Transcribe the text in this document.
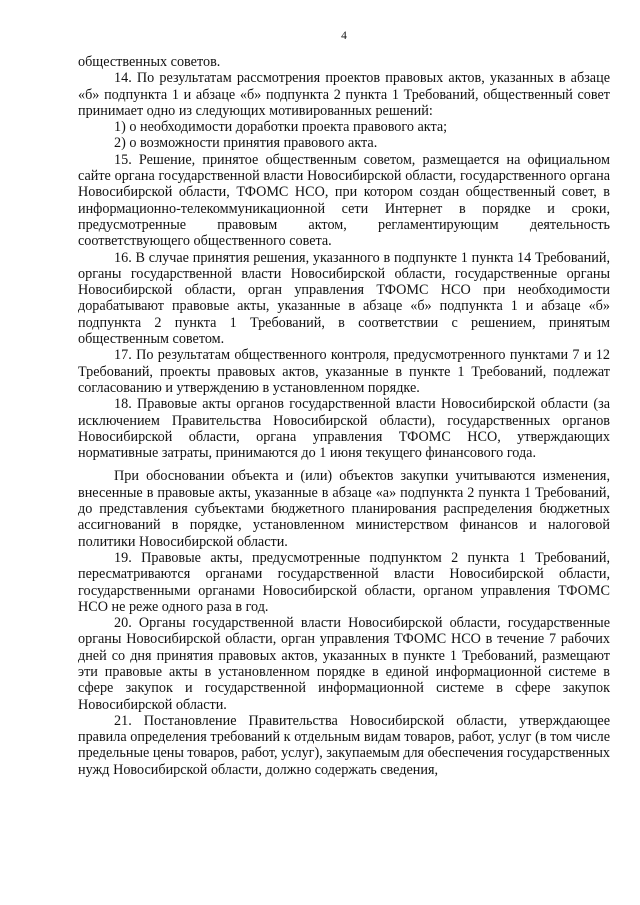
4

общественных советов.

14. По результатам рассмотрения проектов правовых актов, указанных в абзаце «б» подпункта 1 и абзаце «б» подпункта 2 пункта 1 Требований, общественный совет принимает одно из следующих мотивированных решений:

1) о необходимости доработки проекта правового акта;

2) о возможности принятия правового акта.

15. Решение, принятое общественным советом, размещается на официальном сайте органа государственной власти Новосибирской области, государственного органа Новосибирской области, ТФОМС НСО, при котором создан общественный совет, в информационно-телекоммуникационной сети Интернет в порядке и сроки, предусмотренные правовым актом, регламентирующим деятельность соответствующего общественного совета.

16. В случае принятия решения, указанного в подпункте 1 пункта 14 Требований, органы государственной власти Новосибирской области, государственные органы Новосибирской области, орган управления ТФОМС НСО при необходимости дорабатывают правовые акты, указанные в абзаце «б» подпункта 1 и абзаце «б» подпункта 2 пункта 1 Требований, в соответствии с решением, принятым общественным советом.

17. По результатам общественного контроля, предусмотренного пунктами 7 и 12 Требований, проекты правовых актов, указанные в пункте 1 Требований, подлежат согласованию и утверждению в установленном порядке.

18. Правовые акты органов государственной власти Новосибирской области (за исключением Правительства Новосибирской области), государственных органов Новосибирской области, органа управления ТФОМС НСО, утверждающих нормативные затраты, принимаются до 1 июня текущего финансового года.

При обосновании объекта и (или) объектов закупки учитываются изменения, внесенные в правовые акты, указанные в абзаце «а» подпункта 2 пункта 1 Требований, до представления субъектами бюджетного планирования распределения бюджетных ассигнований в порядке, установленном министерством финансов и налоговой политики Новосибирской области.

19. Правовые акты, предусмотренные подпунктом 2 пункта 1 Требований, пересматриваются органами государственной власти Новосибирской области, государственными органами Новосибирской области, органом управления ТФОМС НСО не реже одного раза в год.

20. Органы государственной власти Новосибирской области, государственные органы Новосибирской области, орган управления ТФОМС НСО в течение 7 рабочих дней со дня принятия правовых актов, указанных в пункте 1 Требований, размещают эти правовые акты в установленном порядке в единой информационной системе в сфере закупок и государственной информационной системе в сфере закупок Новосибирской области.

21. Постановление Правительства Новосибирской области, утверждающее правила определения требований к отдельным видам товаров, работ, услуг (в том числе предельные цены товаров, работ, услуг), закупаемым для обеспечения государственных нужд Новосибирской области, должно содержать сведения,
